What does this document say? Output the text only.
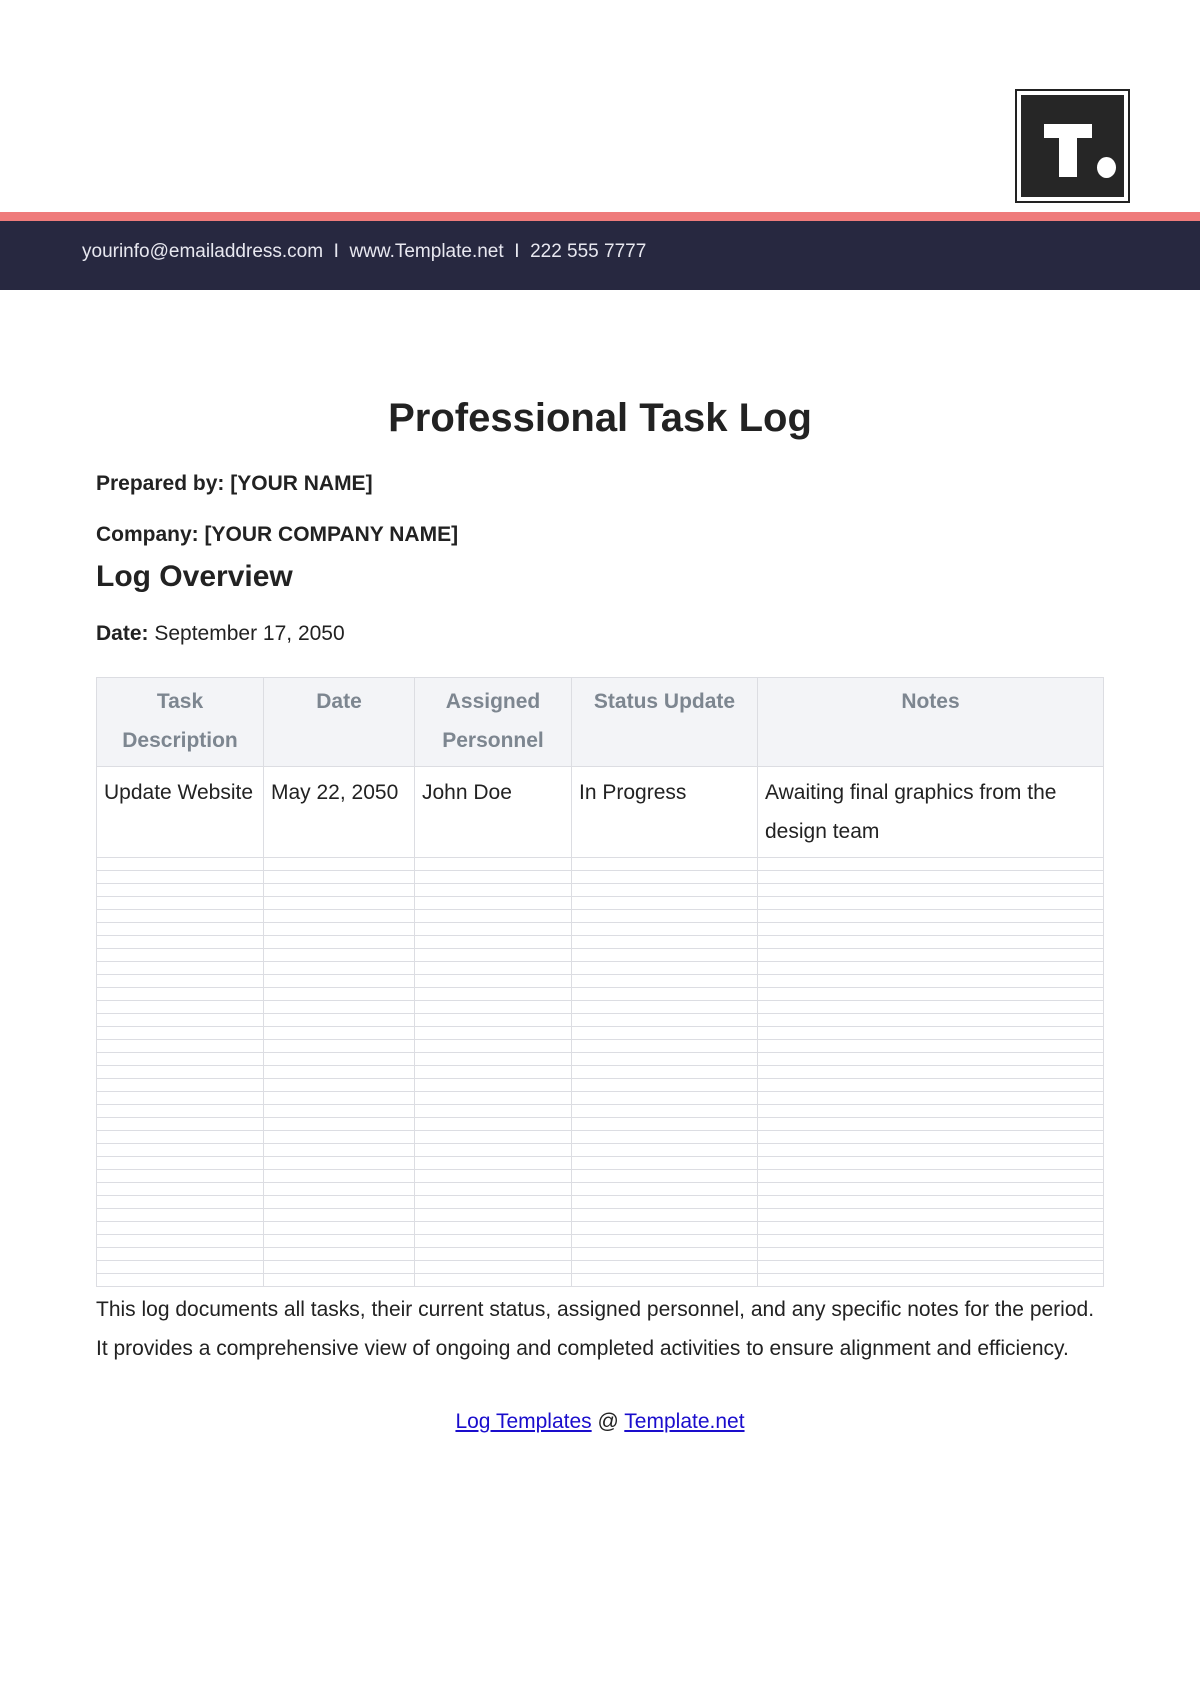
yourinfo@emailaddress.com I www.Template.net I 222 555 7777
Professional Task Log
Prepared by: [YOUR NAME]
Company: [YOUR COMPANY NAME]
Log Overview
Date: September 17, 2050
Task Description	Date	Assigned Personnel	Status Update	Notes
Update Website	May 22, 2050	John Doe	In Progress	Awaiting final graphics from the design team

This log documents all tasks, their current status, assigned personnel, and any specific notes for the period. It provides a comprehensive view of ongoing and completed activities to ensure alignment and efficiency.
Log Templates @ Template.net
